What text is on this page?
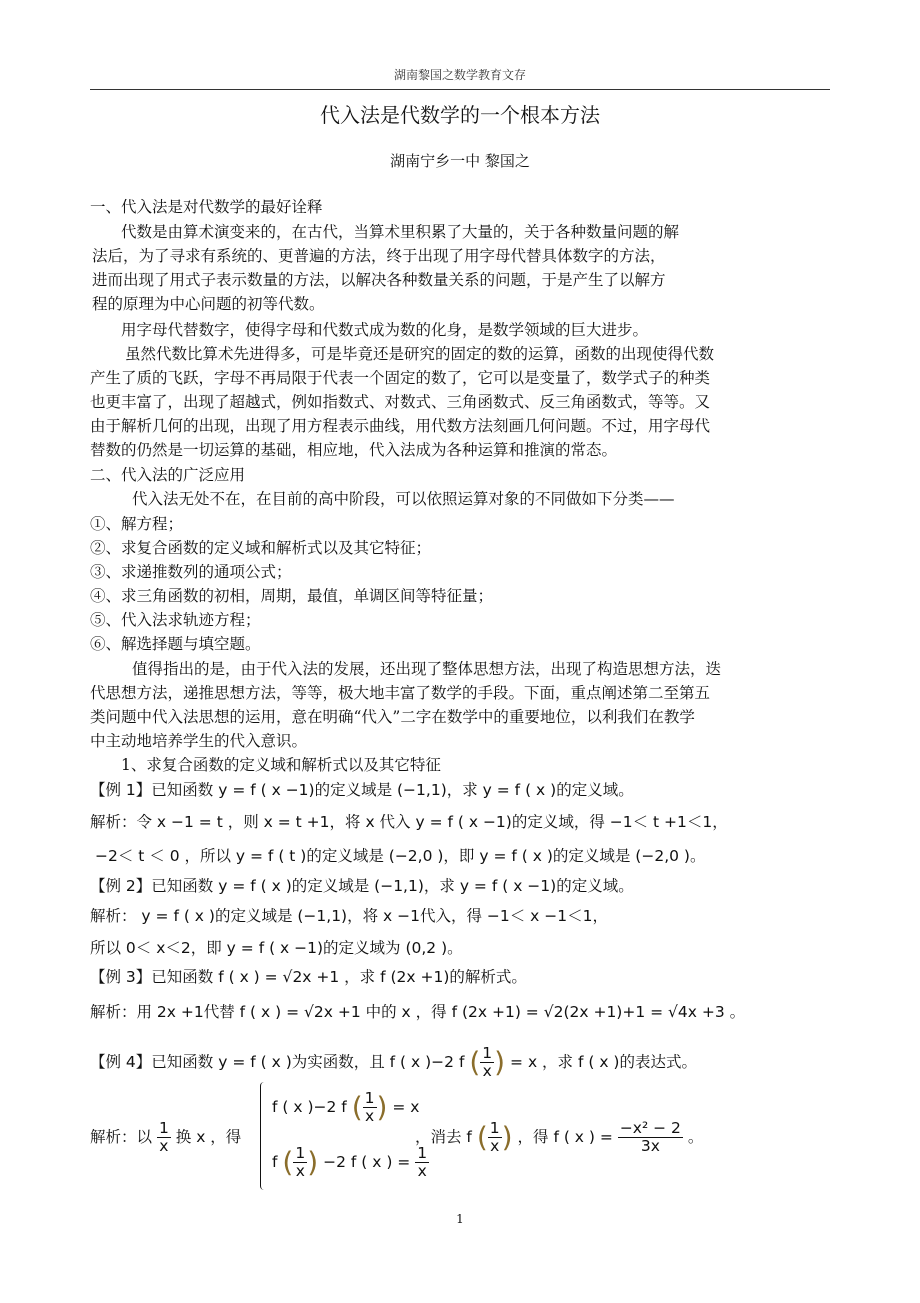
湖南黎国之数学教育文存
代入法是代数学的一个根本方法
湖南宁乡一中 黎国之
一、代入法是对代数学的最好诠释
代数是由算术演变来的，在古代，当算术里积累了大量的，关于各种数量问题的解
法后，为了寻求有系统的、更普遍的方法，终于出现了用字母代替具体数字的方法，
进而出现了用式子表示数量的方法，以解决各种数量关系的问题，于是产生了以解方
程的原理为中心问题的初等代数。
用字母代替数字，使得字母和代数式成为数的化身，是数学领域的巨大进步。
虽然代数比算术先进得多，可是毕竟还是研究的固定的数的运算，函数的出现使得代数
产生了质的飞跃，字母不再局限于代表一个固定的数了，它可以是变量了，数学式子的种类
也更丰富了，出现了超越式，例如指数式、对数式、三角函数式、反三角函数式，等等。又
由于解析几何的出现，出现了用方程表示曲线，用代数方法刻画几何问题。不过，用字母代
替数的仍然是一切运算的基础，相应地，代入法成为各种运算和推演的常态。
二、代入法的广泛应用
代入法无处不在，在目前的高中阶段，可以依照运算对象的不同做如下分类——
①、解方程；
②、求复合函数的定义域和解析式以及其它特征；
③、求递推数列的通项公式；
④、求三角函数的初相，周期，最值，单调区间等特征量；
⑤、代入法求轨迹方程；
⑥、解选择题与填空题。
值得指出的是，由于代入法的发展，还出现了整体思想方法，出现了构造思想方法，迭
代思想方法，递推思想方法，等等，极大地丰富了数学的手段。下面，重点阐述第二至第五
类问题中代入法思想的运用，意在明确“代入”二字在数学中的重要地位，以利我们在教学
中主动地培养学生的代入意识。
1、求复合函数的定义域和解析式以及其它特征
【例 1】已知函数 y = f ( x −1)的定义域是 (−1,1)，求 y = f ( x )的定义域。
解析：令 x −1 = t ，则 x = t +1，将 x 代入 y = f ( x −1)的定义域，得 −1＜ t +1＜1，
−2＜ t ＜ 0 ，所以 y = f ( t )的定义域是 (−2,0 )，即 y = f ( x )的定义域是 (−2,0 )。
【例 2】已知函数 y = f ( x )的定义域是 (−1,1)，求 y = f ( x −1)的定义域。
解析： y = f ( x )的定义域是 (−1,1)，将 x −1代入，得 −1＜ x −1＜1，
所以 0＜ x＜2，即 y = f ( x −1)的定义域为 (0,2 )。
【例 3】已知函数 f ( x ) = √2x +1 ，求 f (2x +1)的解析式。
解析：用 2x +1代替 f ( x ) = √2x +1 中的 x ，得 f (2x +1) = √2(2x +1)+1 = √4x +3 。
【例 4】已知函数 y = f ( x )为实函数，且 f ( x )−2 f ( $\frac{1}{x}$ ) = x ，求 f ( x )的表达式。
解析：以 $\frac{1}{x}$ 换 x ，得
f ( x )−2 f ( $\frac{1}{x}$ ) = x
f ( $\frac{1}{x}$ ) −2 f ( x ) = $\frac{1}{x}$
，消去 f ( $\frac{1}{x}$ ) ，得 f ( x ) = $\frac{\text{−x² − 2}}{3x}$ 。
1
